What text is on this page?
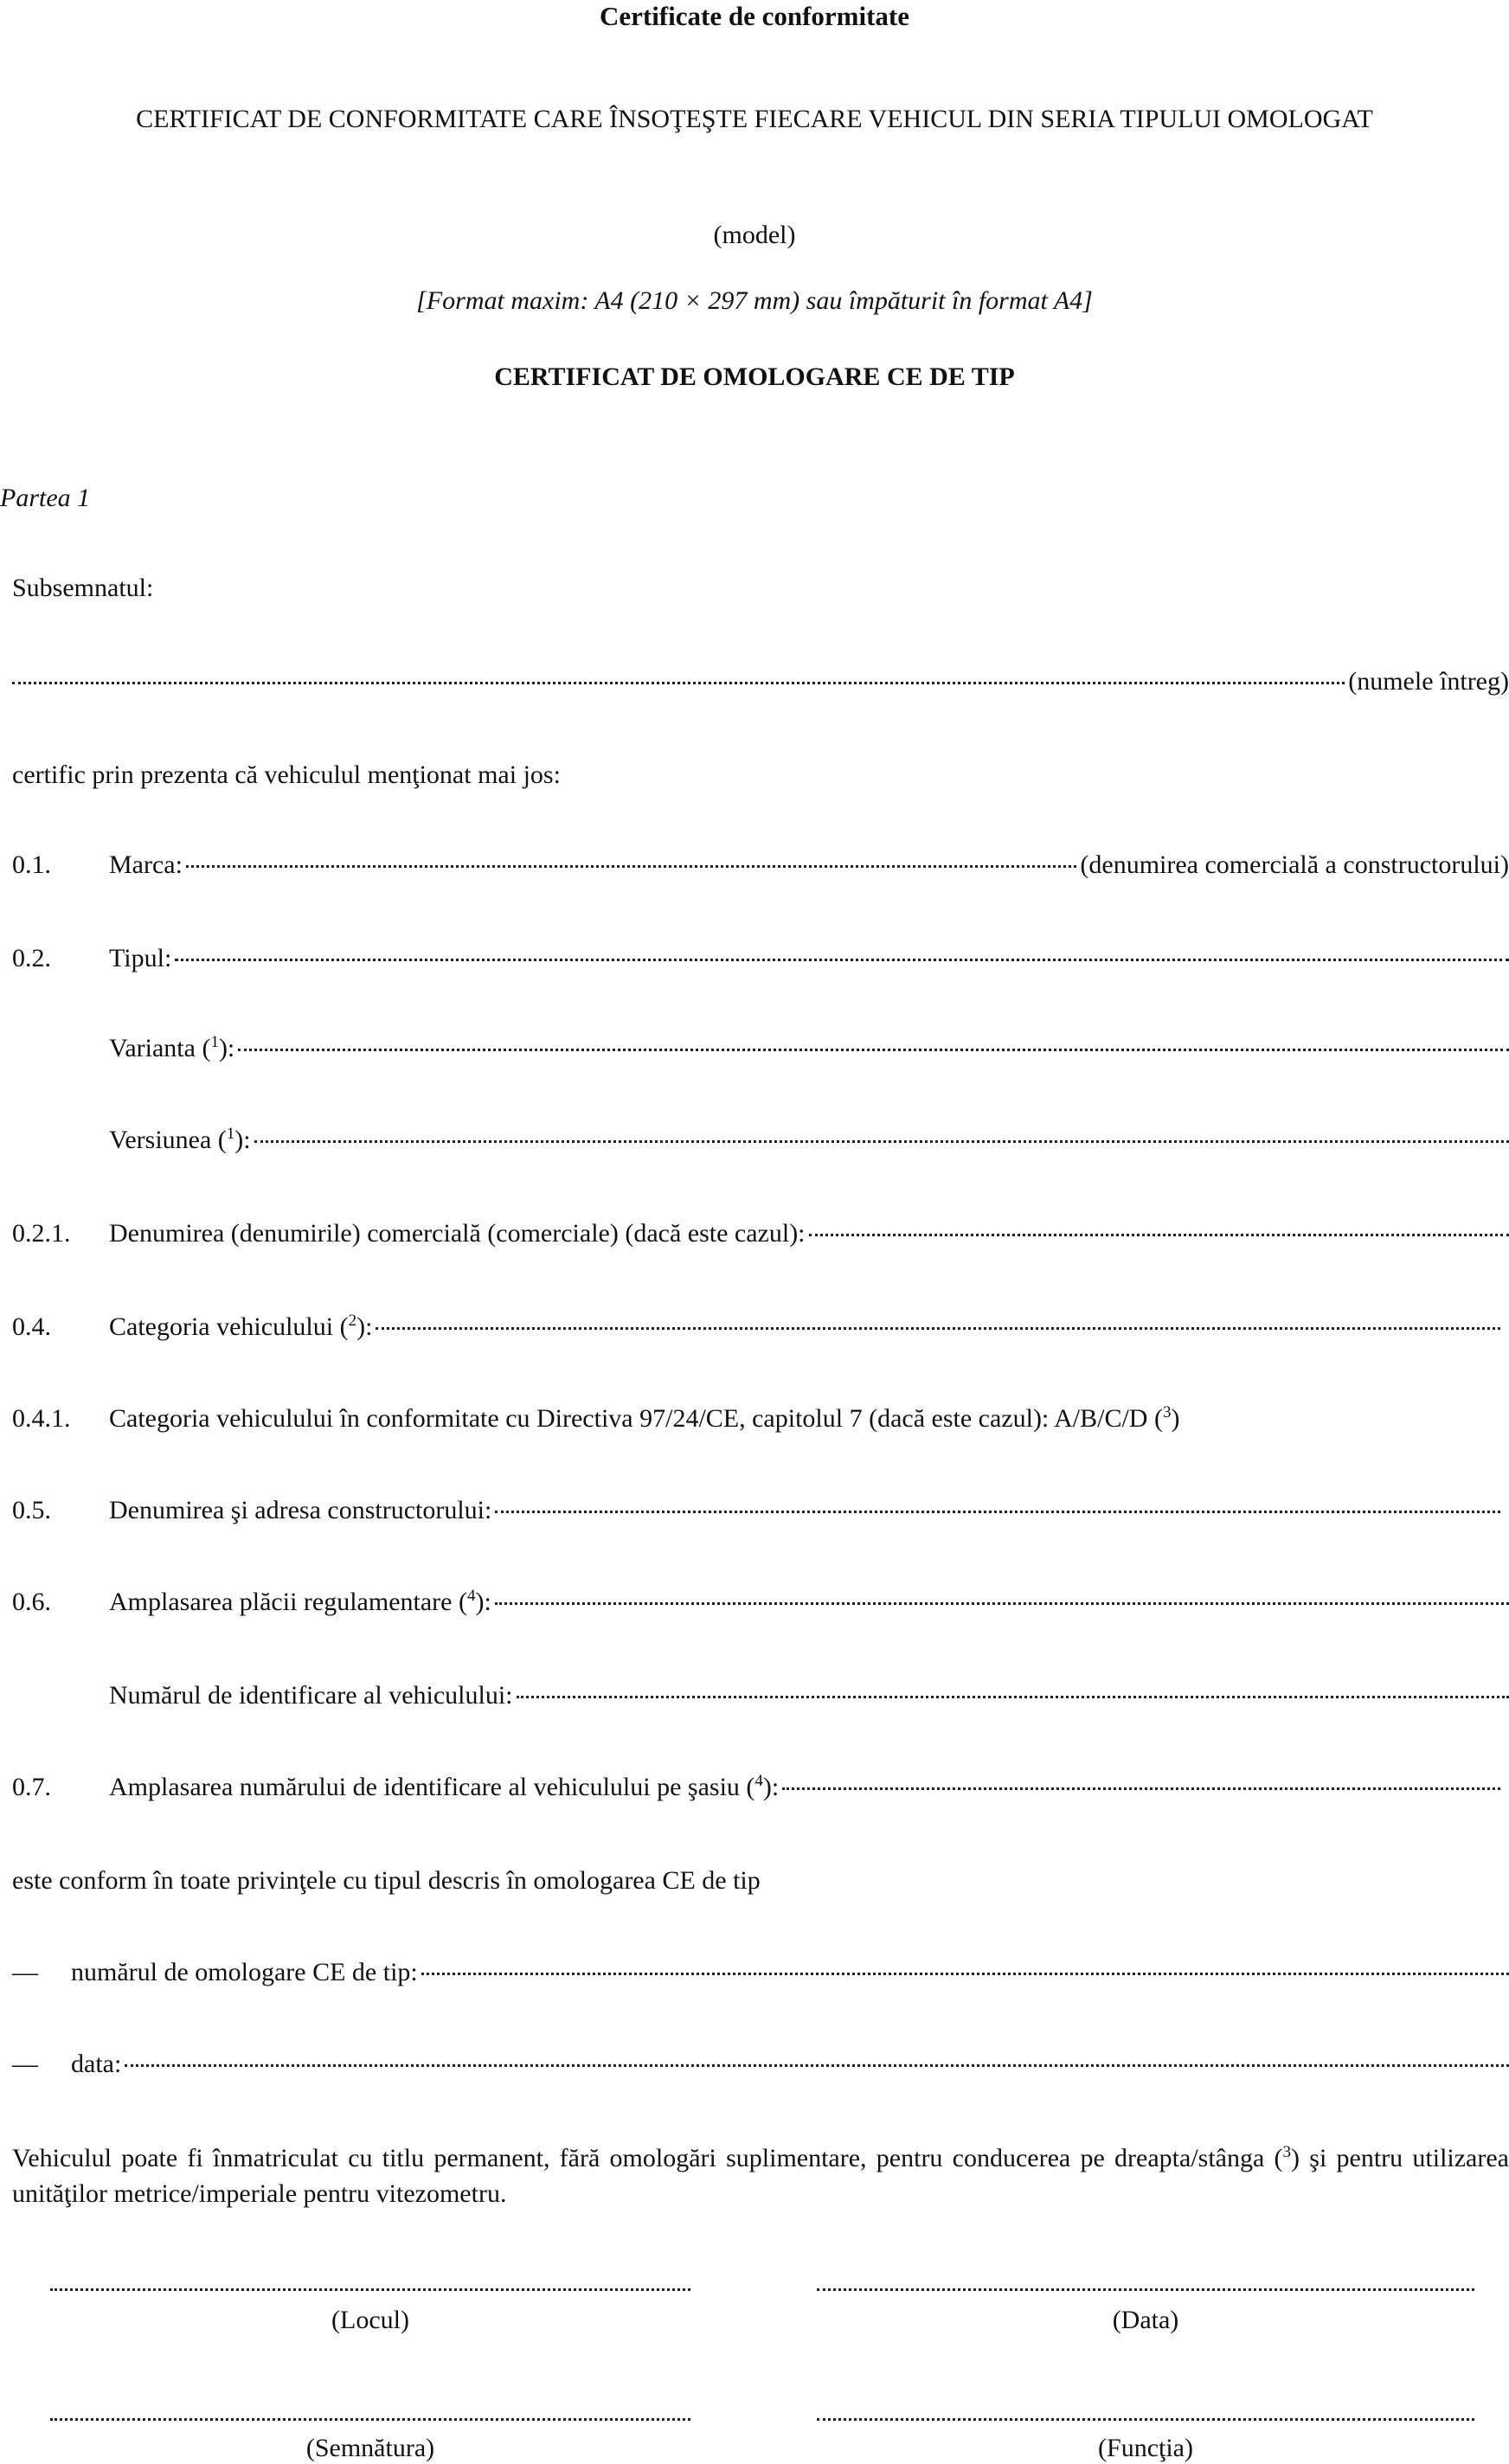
Certificate de conformitate
CERTIFICAT DE CONFORMITATE CARE ÎNSOŢEŞTE FIECARE VEHICUL DIN SERIA TIPULUI OMOLOGAT
(model)
[Format maxim: A4 (210 × 297 mm) sau împăturit în format A4]
CERTIFICAT DE OMOLOGARE CE DE TIP
Partea 1
Subsemnatul:
(numele întreg)
certific prin prezenta că vehiculul menţionat mai jos:
0.1. Marca:	(denumirea comercială a constructorului)
0.2. Tipul:
Varianta ($^1$):
Versiunea ($^1$):
0.2.1. Denumirea (denumirile) comercială (comerciale) (dacă este cazul):
0.4. Categoria vehiculului ($^2$):
0.4.1. Categoria vehiculului în conformitate cu Directiva 97/24/CE, capitolul 7 (dacă este cazul): A/B/C/D ($^3$)
0.5. Denumirea şi adresa constructorului:
0.6. Amplasarea plăcii regulamentare ($^4$):
Numărul de identificare al vehiculului:
0.7. Amplasarea numărului de identificare al vehiculului pe şasiu ($^4$):
este conform în toate privinţele cu tipul descris în omologarea CE de tip
— numărul de omologare CE de tip:
— data:
Vehiculul poate fi înmatriculat cu titlu permanent, fără omologări suplimentare, pentru conducerea pe dreapta/stânga ($^3$) şi pentru utilizarea unităţilor metrice/imperiale pentru vitezometru.
(Locul)	(Data)
(Semnătura)	(Funcţia)
